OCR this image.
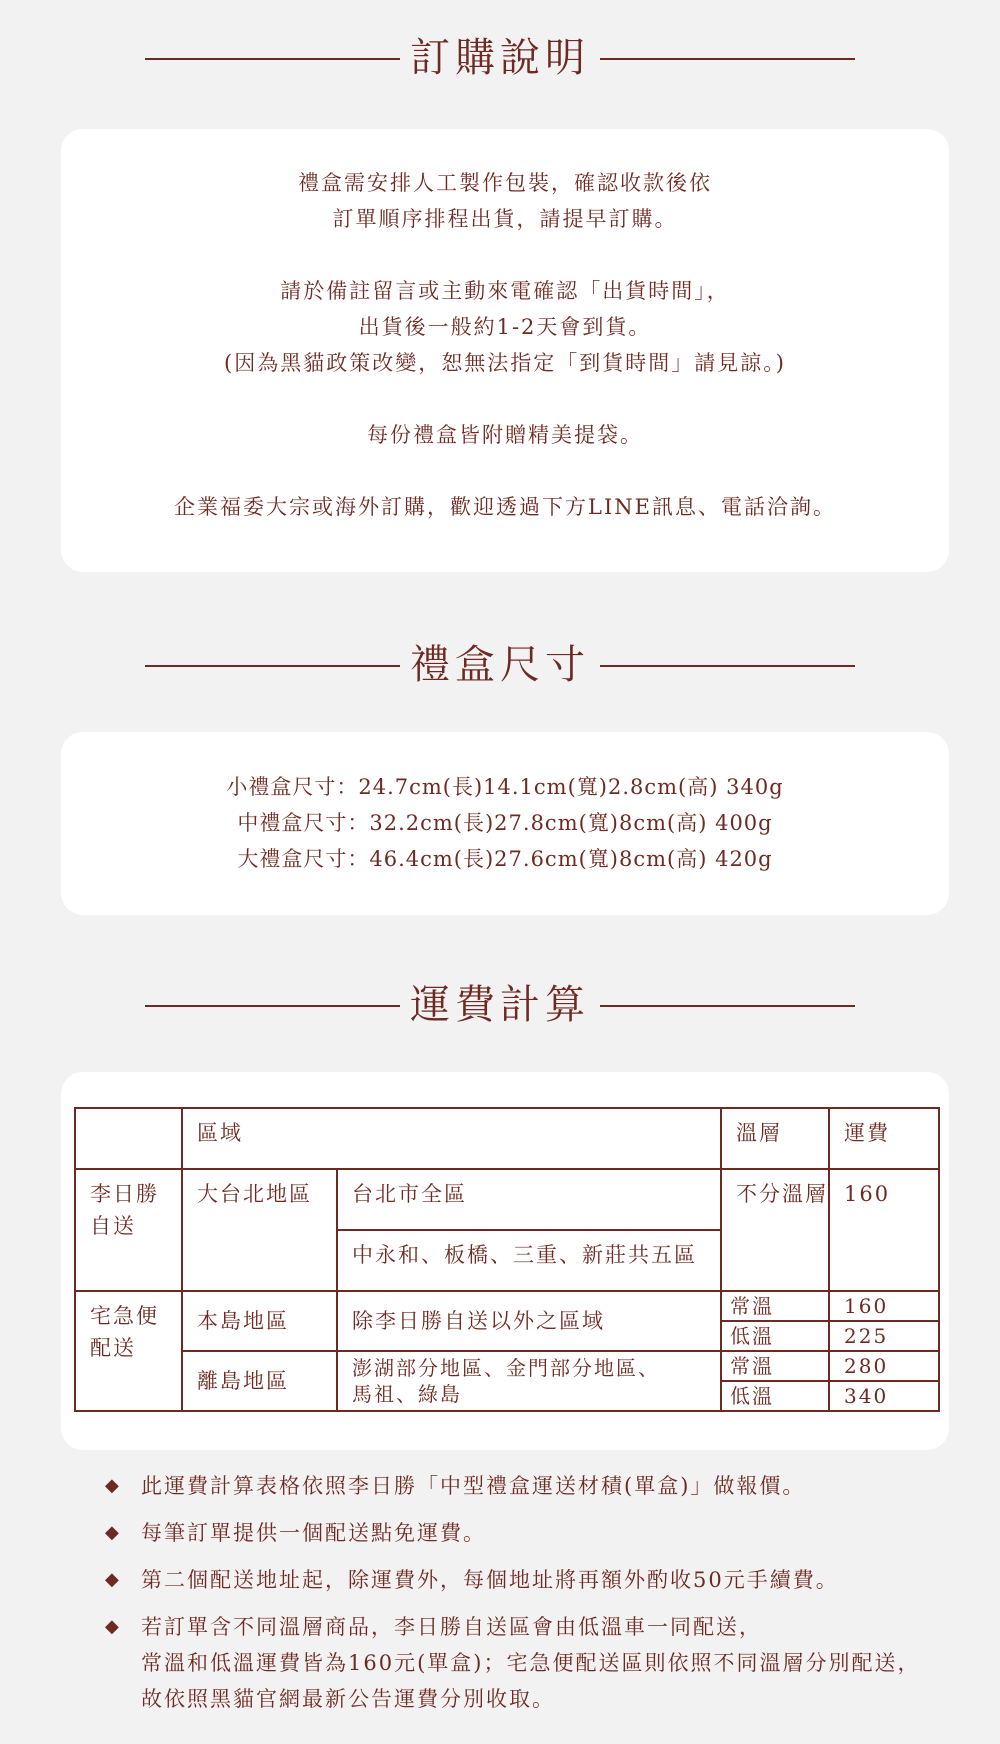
訂購說明
禮盒需安排人工製作包裝，確認收款後依
訂單順序排程出貨，請提早訂購。
請於備註留言或主動來電確認「出貨時間」，
出貨後一般約1-2天會到貨。
(因為黑貓政策改變，恕無法指定「到貨時間」請見諒。)
每份禮盒皆附贈精美提袋。
企業福委大宗或海外訂購，歡迎透過下方LINE訊息、電話洽詢。
禮盒尺寸
小禮盒尺寸：24.7cm(長)14.1cm(寬)2.8cm(高) 340g
中禮盒尺寸：32.2cm(長)27.8cm(寬)8cm(高) 400g
大禮盒尺寸：46.4cm(長)27.6cm(寬)8cm(高) 420g
運費計算
	區域		溫層	運費
李日勝自送	大台北地區	台北市全區	不分溫層	160
		中永和、板橋、三重、新莊共五區		
宅急便配送	本島地區	除李日勝自送以外之區域	常溫	160
			低溫	225
	離島地區	澎湖部分地區、金門部分地區、馬祖、綠島	常溫	280
			低溫	340
◆ 此運費計算表格依照李日勝「中型禮盒運送材積(單盒)」做報價。
◆ 每筆訂單提供一個配送點免運費。
◆ 第二個配送地址起，除運費外，每個地址將再額外酌收50元手續費。
◆ 若訂單含不同溫層商品，李日勝自送區會由低溫車一同配送，
常溫和低溫運費皆為160元(單盒)；宅急便配送區則依照不同溫層分別配送，
故依照黑貓官網最新公告運費分別收取。
